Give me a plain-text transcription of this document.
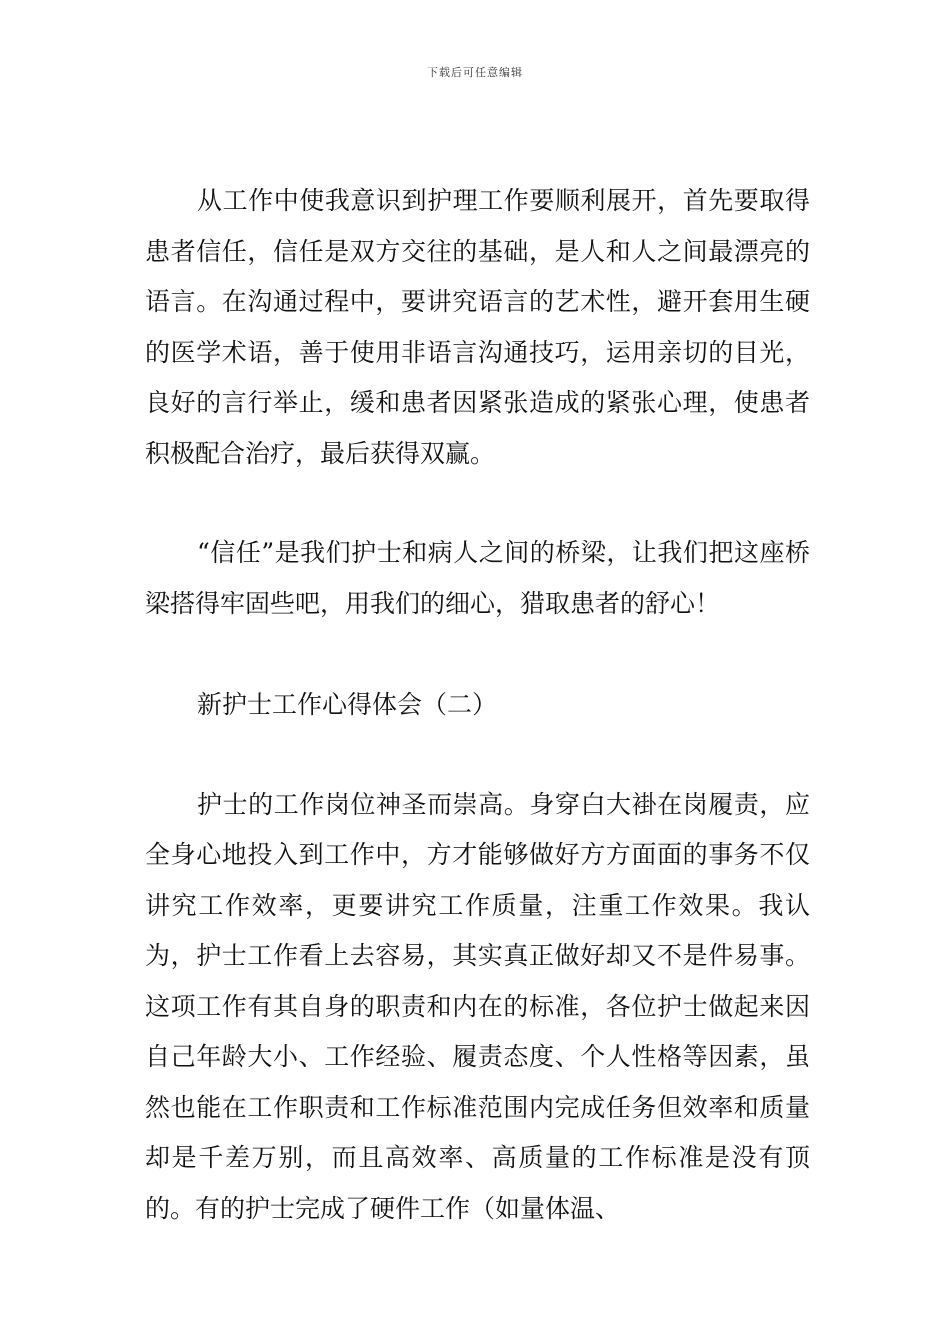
下载后可任意编辑

从工作中使我意识到护理工作要顺利展开，首先要取得患者信任，信任是双方交往的基础，是人和人之间最漂亮的语言。在沟通过程中，要讲究语言的艺术性，避开套用生硬的医学术语，善于使用非语言沟通技巧，运用亲切的目光，良好的言行举止，缓和患者因紧张造成的紧张心理，使患者积极配合治疗，最后获得双赢。

“信任”是我们护士和病人之间的桥梁，让我们把这座桥梁搭得牢固些吧，用我们的细心，猎取患者的舒心！

新护士工作心得体会（二）

护士的工作岗位神圣而崇高。身穿白大褂在岗履责，应全身心地投入到工作中，方才能够做好方方面面的事务不仅讲究工作效率，更要讲究工作质量，注重工作效果。我认为，护士工作看上去容易，其实真正做好却又不是件易事。这项工作有其自身的职责和内在的标准，各位护士做起来因自己年龄大小、工作经验、履责态度、个人性格等因素，虽然也能在工作职责和工作标准范围内完成任务但效率和质量却是千差万别，而且高效率、高质量的工作标准是没有顶的。有的护士完成了硬件工作（如量体温、
